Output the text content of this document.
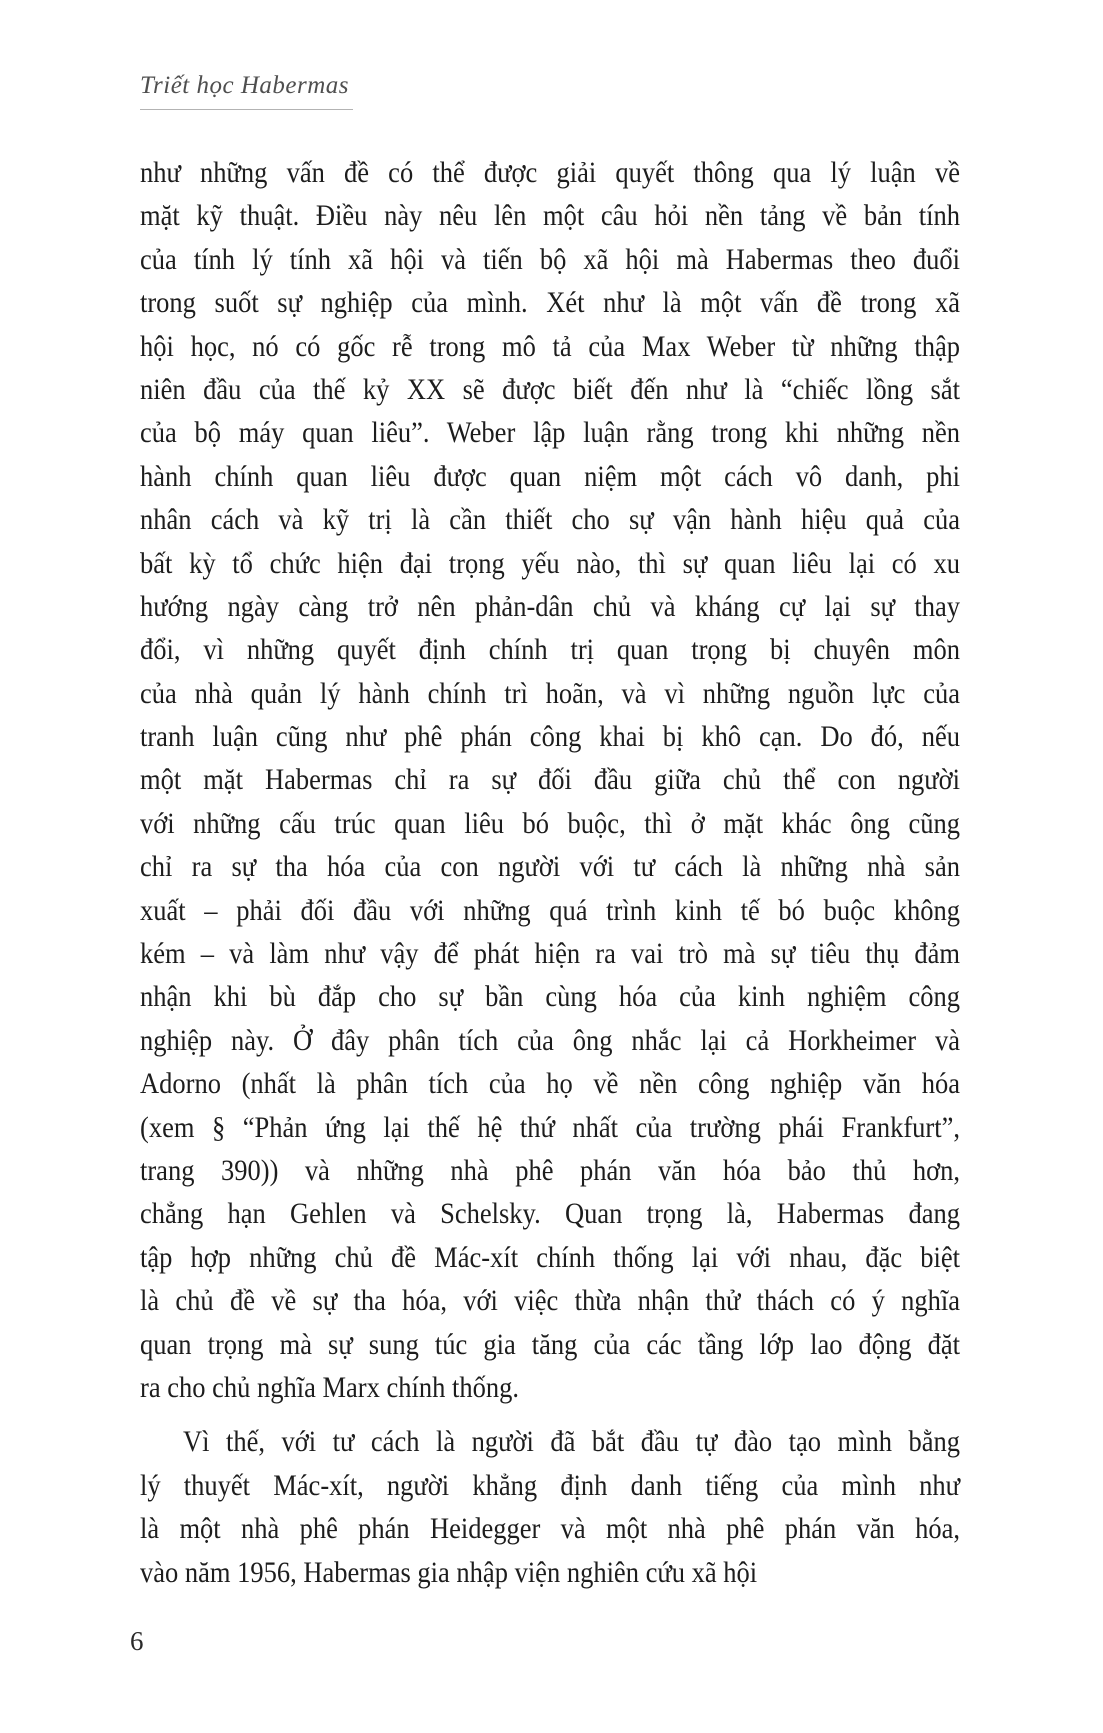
Triết học Habermas
như những vấn đề có thể được giải quyết thông qua lý luận về
mặt kỹ thuật. Điều này nêu lên một câu hỏi nền tảng về bản tính
của tính lý tính xã hội và tiến bộ xã hội mà Habermas theo đuổi
trong suốt sự nghiệp của mình. Xét như là một vấn đề trong xã
hội học, nó có gốc rễ trong mô tả của Max Weber từ những thập
niên đầu của thế kỷ XX sẽ được biết đến như là “chiếc lồng sắt
của bộ máy quan liêu”. Weber lập luận rằng trong khi những nền
hành chính quan liêu được quan niệm một cách vô danh, phi
nhân cách và kỹ trị là cần thiết cho sự vận hành hiệu quả của
bất kỳ tổ chức hiện đại trọng yếu nào, thì sự quan liêu lại có xu
hướng ngày càng trở nên phản-dân chủ và kháng cự lại sự thay
đổi, vì những quyết định chính trị quan trọng bị chuyên môn
của nhà quản lý hành chính trì hoãn, và vì những nguồn lực của
tranh luận cũng như phê phán công khai bị khô cạn. Do đó, nếu
một mặt Habermas chỉ ra sự đối đầu giữa chủ thể con người
với những cấu trúc quan liêu bó buộc, thì ở mặt khác ông cũng
chỉ ra sự tha hóa của con người với tư cách là những nhà sản
xuất – phải đối đầu với những quá trình kinh tế bó buộc không
kém – và làm như vậy để phát hiện ra vai trò mà sự tiêu thụ đảm
nhận khi bù đắp cho sự bần cùng hóa của kinh nghiệm công
nghiệp này. Ở đây phân tích của ông nhắc lại cả Horkheimer và
Adorno (nhất là phân tích của họ về nền công nghiệp văn hóa
(xem § “Phản ứng lại thế hệ thứ nhất của trường phái Frankfurt”,
trang 390)) và những nhà phê phán văn hóa bảo thủ hơn,
chẳng hạn Gehlen và Schelsky. Quan trọng là, Habermas đang
tập hợp những chủ đề Mác-xít chính thống lại với nhau, đặc biệt
là chủ đề về sự tha hóa, với việc thừa nhận thử thách có ý nghĩa
quan trọng mà sự sung túc gia tăng của các tầng lớp lao động đặt
ra cho chủ nghĩa Marx chính thống.
Vì thế, với tư cách là người đã bắt đầu tự đào tạo mình bằng
lý thuyết Mác-xít, người khẳng định danh tiếng của mình như
là một nhà phê phán Heidegger và một nhà phê phán văn hóa,
vào năm 1956, Habermas gia nhập viện nghiên cứu xã hội
6
